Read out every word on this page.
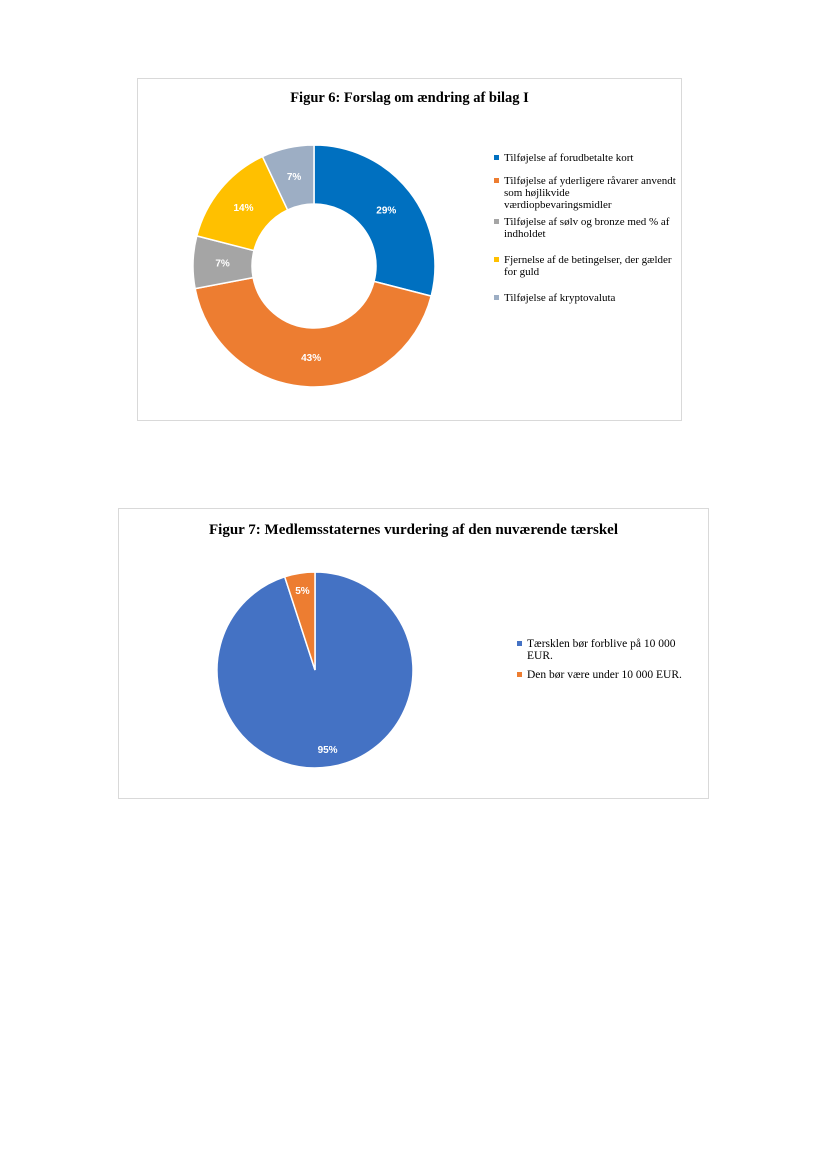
Figur 6: Forslag om ændring af bilag I
29%
43%
7%
14%
7%
Tilføjelse af forudbetalte kort
Tilføjelse af yderligere råvarer anvendt som højlikvide værdiopbevaringsmidler
Tilføjelse af sølv og bronze med % af indholdet
Fjernelse af de betingelser, der gælder for guld
Tilføjelse af kryptovaluta
Figur 7: Medlemsstaternes vurdering af den nuværende tærskel
95%
5%
Tærsklen bør forblive på 10 000 EUR.
Den bør være under 10 000 EUR.
